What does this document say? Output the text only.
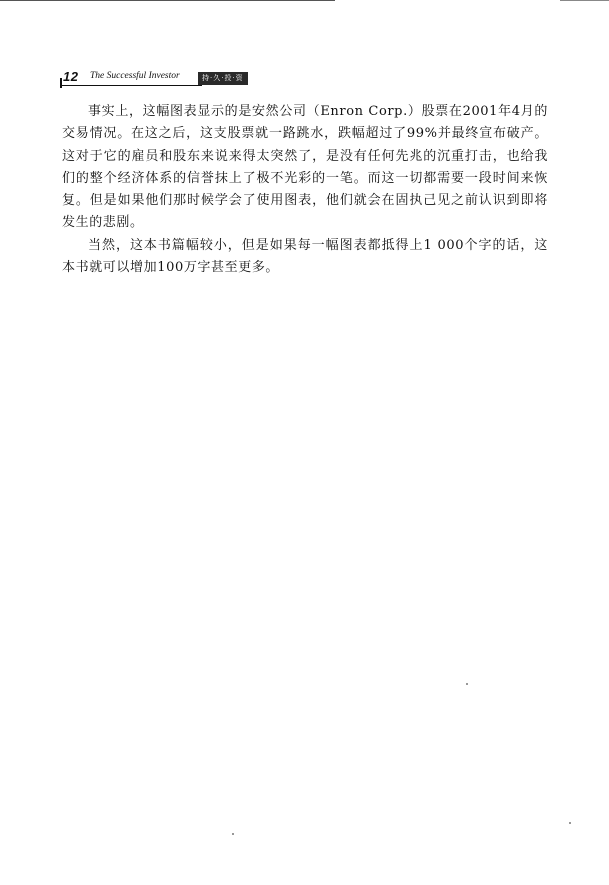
12 The Successful Investor	持·久·投·资

事实上，这幅图表显示的是安然公司（Enron Corp.）股票在2001年4月的交易情况。在这之后，这支股票就一路跳水，跌幅超过了99%并最终宣布破产。这对于它的雇员和股东来说来得太突然了，是没有任何先兆的沉重打击，也给我们的整个经济体系的信誉抹上了极不光彩的一笔。而这一切都需要一段时间来恢复。但是如果他们那时候学会了使用图表，他们就会在固执己见之前认识到即将发生的悲剧。

当然，这本书篇幅较小，但是如果每一幅图表都抵得上1 000个字的话，这本书就可以增加100万字甚至更多。
